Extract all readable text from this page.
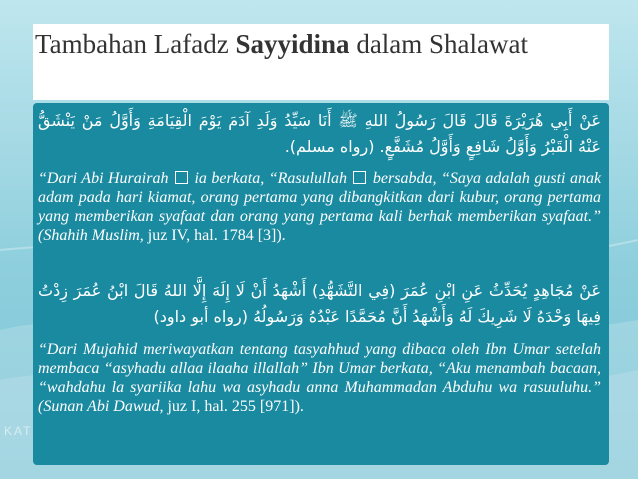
KAT
Tambahan Lafadz Sayyidina dalam Shalawat
عَنْ أَبِي هُرَيْرَةَ قَالَ قَالَ رَسُولُ اللهِ ﷺ أَنَا سَيِّدُ وَلَدِ آدَمَ يَوْمَ الْقِيَامَةِ وَأَوَّلُ مَنْ يَنْشَقُّ عَنْهُ الْقَبْرُ وَأَوَّلُ شَافِعٍ وَأَوَّلُ مُشَفَّعٍ. (رواه مسلم).
“Dari Abi Hurairah ia berkata, “Rasulullah bersabda, “Saya adalah gusti anak adam pada hari kiamat, orang pertama yang dibangkitkan dari kubur, orang pertama yang memberikan syafaat dan orang yang pertama kali berhak memberikan syafaat.” (Shahih Muslim, juz IV, hal. 1784 [3]).
عَنْ مُجَاهِدٍ يُحَدِّثُ عَنِ ابْنِ عُمَرَ (فِي التَّشَهُّدِ) أَشْهَدُ أَنْ لَا إِلَهَ إِلَّا اللهُ قَالَ ابْنُ عُمَرَ زِدْتُ فِيهَا وَحْدَهُ لَا شَرِيكَ لَهُ وَأَشْهَدُ أَنَّ مُحَمَّدًا عَبْدُهُ وَرَسُولُهُ (رواه أبو داود)
“Dari Mujahid meriwayatkan tentang tasyahhud yang dibaca oleh Ibn Umar setelah membaca “asyhadu allaa ilaaha illallah” Ibn Umar berkata, “Aku menambah bacaan, “wahdahu la syariika lahu wa asyhadu anna Muhammadan Abduhu wa rasuuluhu.” (Sunan Abi Dawud, juz I, hal. 255 [971]).
